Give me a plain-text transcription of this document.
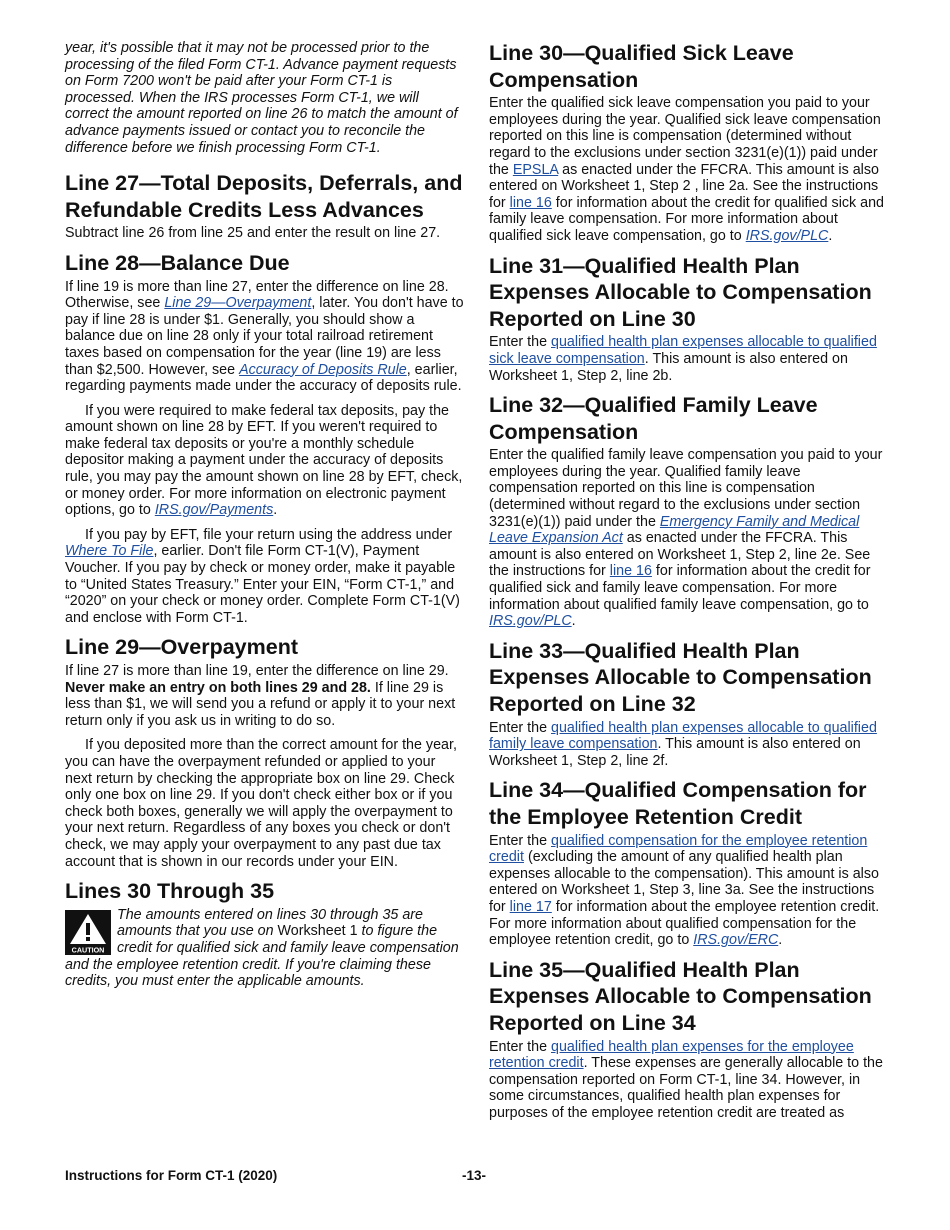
year, it's possible that it may not be processed prior to the processing of the filed Form CT-1. Advance payment requests on Form 7200 won't be paid after your Form CT-1 is processed. When the IRS processes Form CT-1, we will correct the amount reported on line 26 to match the amount of advance payments issued or contact you to reconcile the difference before we finish processing Form CT-1.

Line 27—Total Deposits, Deferrals, and Refundable Credits Less Advances

Subtract line 26 from line 25 and enter the result on line 27.

Line 28—Balance Due

If line 19 is more than line 27, enter the difference on line 28. Otherwise, see Line 29—Overpayment, later. You don't have to pay if line 28 is under $1. Generally, you should show a balance due on line 28 only if your total railroad retirement taxes based on compensation for the year (line 19) are less than $2,500. However, see Accuracy of Deposits Rule, earlier, regarding payments made under the accuracy of deposits rule.

If you were required to make federal tax deposits, pay the amount shown on line 28 by EFT. If you weren't required to make federal tax deposits or you're a monthly schedule depositor making a payment under the accuracy of deposits rule, you may pay the amount shown on line 28 by EFT, check, or money order. For more information on electronic payment options, go to IRS.gov/Payments.

If you pay by EFT, file your return using the address under Where To File, earlier. Don't file Form CT-1(V), Payment Voucher. If you pay by check or money order, make it payable to “United States Treasury.” Enter your EIN, “Form CT-1,” and “2020” on your check or money order. Complete Form CT-1(V) and enclose with Form CT-1.

Line 29—Overpayment

If line 27 is more than line 19, enter the difference on line 29. Never make an entry on both lines 29 and 28. If line 29 is less than $1, we will send you a refund or apply it to your next return only if you ask us in writing to do so.

If you deposited more than the correct amount for the year, you can have the overpayment refunded or applied to your next return by checking the appropriate box on line 29. Check only one box on line 29. If you don't check either box or if you check both boxes, generally we will apply the overpayment to your next return. Regardless of any boxes you check or don't check, we may apply your overpayment to any past due tax account that is shown in our records under your EIN.

Lines 30 Through 35
CAUTION

The amounts entered on lines 30 through 35 are amounts that you use on Worksheet 1 to figure the credit for qualified sick and family leave compensation and the employee retention credit. If you're claiming these credits, you must enter the applicable amounts.

Line 30—Qualified Sick Leave Compensation

Enter the qualified sick leave compensation you paid to your employees during the year. Qualified sick leave compensation reported on this line is compensation (determined without regard to the exclusions under section 3231(e)(1)) paid under the EPSLA as enacted under the FFCRA. This amount is also entered on Worksheet 1, Step 2 , line 2a. See the instructions for line 16 for information about the credit for qualified sick and family leave compensation. For more information about qualified sick leave compensation, go to IRS.gov/PLC.

Line 31—Qualified Health Plan Expenses Allocable to Compensation Reported on Line 30

Enter the qualified health plan expenses allocable to qualified sick leave compensation. This amount is also entered on Worksheet 1, Step 2, line 2b.

Line 32—Qualified Family Leave Compensation

Enter the qualified family leave compensation you paid to your employees during the year. Qualified family leave compensation reported on this line is compensation (determined without regard to the exclusions under section 3231(e)(1)) paid under the Emergency Family and Medical Leave Expansion Act as enacted under the FFCRA. This amount is also entered on Worksheet 1, Step 2, line 2e. See the instructions for line 16 for information about the credit for qualified sick and family leave compensation. For more information about qualified family leave compensation, go to IRS.gov/PLC.

Line 33—Qualified Health Plan Expenses Allocable to Compensation Reported on Line 32

Enter the qualified health plan expenses allocable to qualified family leave compensation. This amount is also entered on Worksheet 1, Step 2, line 2f.

Line 34—Qualified Compensation for the Employee Retention Credit

Enter the qualified compensation for the employee retention credit (excluding the amount of any qualified health plan expenses allocable to the compensation). This amount is also entered on Worksheet 1, Step 3, line 3a. See the instructions for line 17 for information about the employee retention credit. For more information about qualified compensation for the employee retention credit, go to IRS.gov/ERC.

Line 35—Qualified Health Plan Expenses Allocable to Compensation Reported on Line 34

Enter the qualified health plan expenses for the employee retention credit. These expenses are generally allocable to the compensation reported on Form CT-1, line 34. However, in some circumstances, qualified health plan expenses for purposes of the employee retention credit are treated as

Instructions for Form CT-1 (2020)	-13-
